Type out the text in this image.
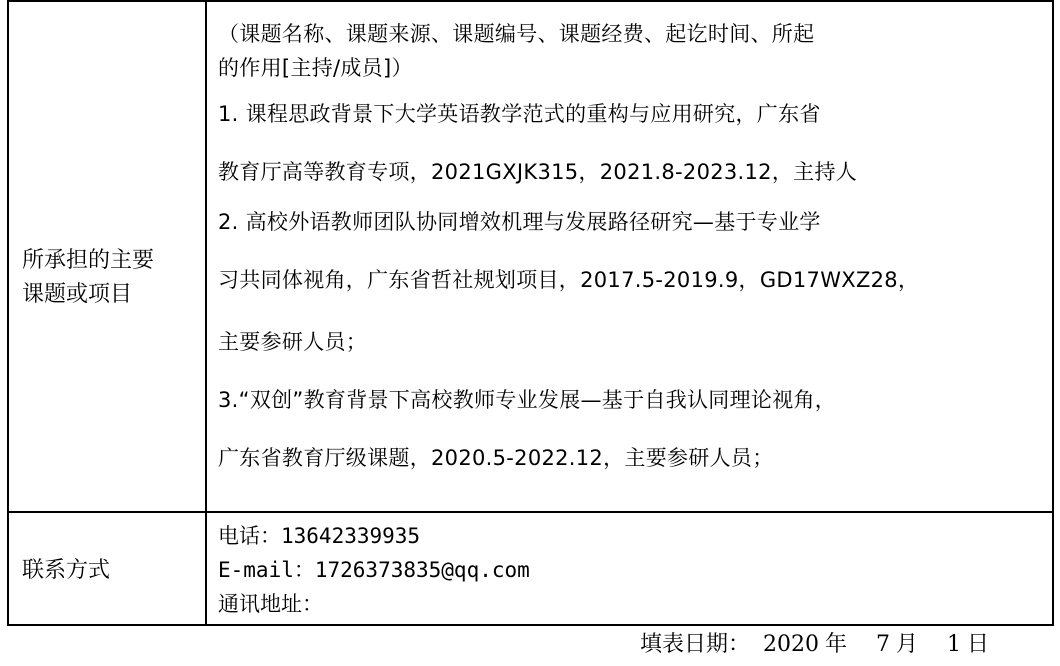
所承担的主要
课题或项目
（课题名称、课题来源、课题编号、课题经费、起讫时间、所起
的作用[主持/成员]）
1. 课程思政背景下大学英语教学范式的重构与应用研究，广东省
教育厅高等教育专项，2021GXJK315，2021.8-2023.12，主持人
2. 高校外语教师团队协同增效机理与发展路径研究—基于专业学
习共同体视角，广东省哲社规划项目，2017.5-2019.9，GD17WXZ28，
主要参研人员；
3.“双创”教育背景下高校教师专业发展—基于自我认同理论视角，
广东省教育厅级课题，2020.5-2022.12，主要参研人员；
联系方式
电话：13642339935
E-mail：1726373835@qq.com
通讯地址：
填表日期： 2020 年 7 月 1 日
